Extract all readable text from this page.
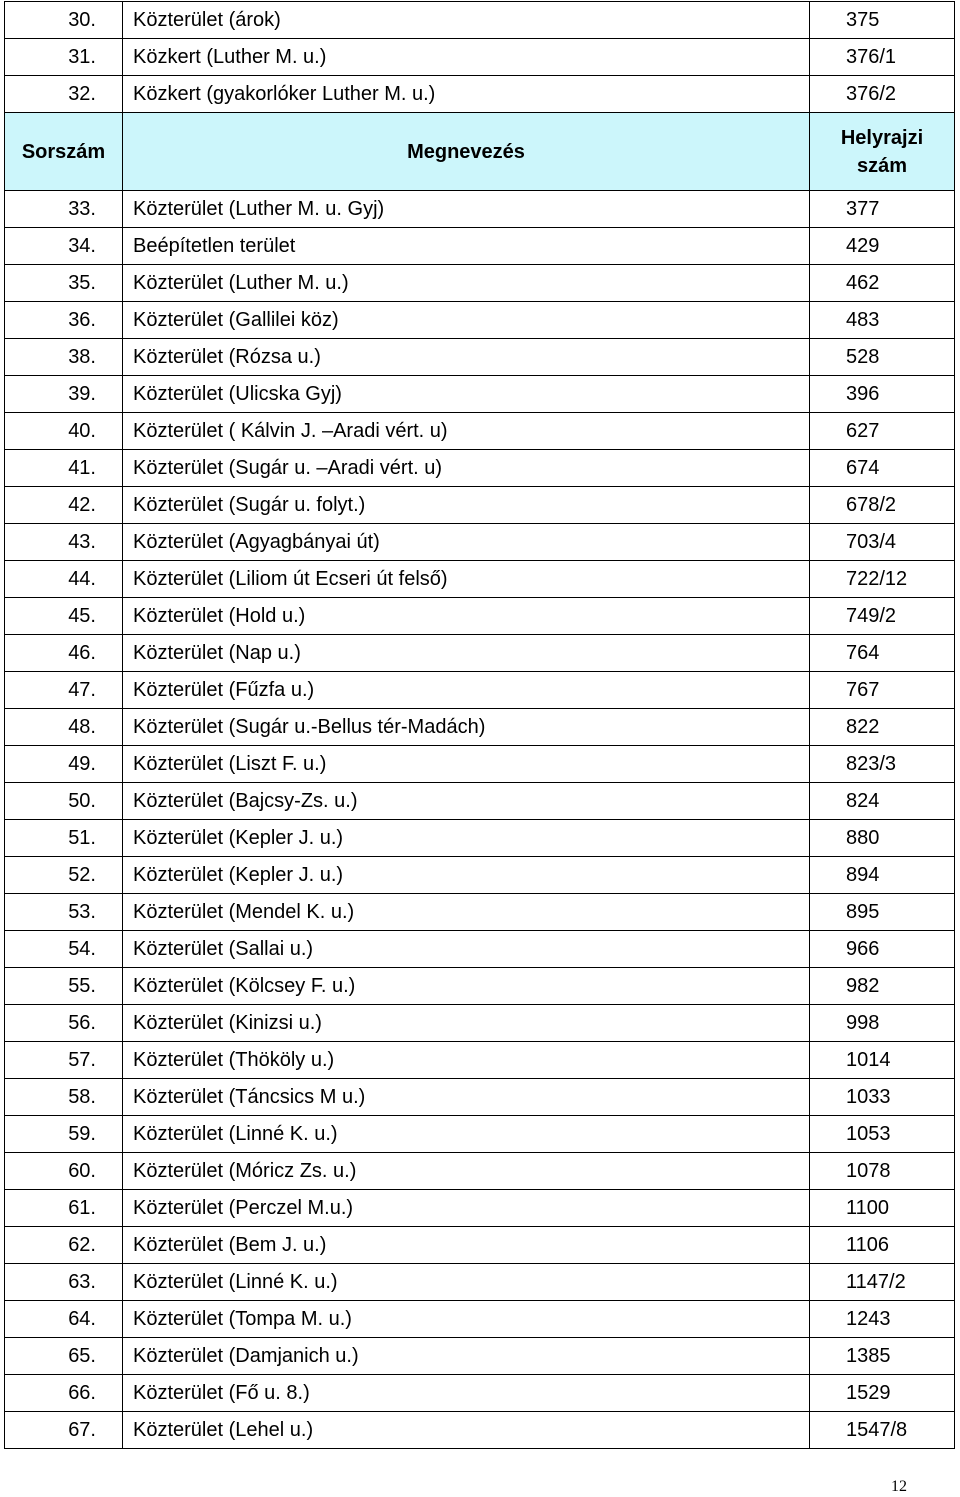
30.	Közterület (árok)	375
31.	Közkert (Luther M. u.)	376/1
32.	Közkert (gyakorlóker Luther M. u.)	376/2
Sorszám	Megnevezés	Helyrajzi
szám
33.	Közterület (Luther M. u. Gyj)	377
34.	Beépítetlen terület	429
35.	Közterület (Luther M. u.)	462
36.	Közterület (Gallilei köz)	483
38.	Közterület (Rózsa u.)	528
39.	Közterület (Ulicska Gyj)	396
40.	Közterület ( Kálvin J. –Aradi vért. u)	627
41.	Közterület (Sugár u. –Aradi vért. u)	674
42.	Közterület (Sugár u. folyt.)	678/2
43.	Közterület (Agyagbányai út)	703/4
44.	Közterület (Liliom út Ecseri út felső)	722/12
45.	Közterület (Hold u.)	749/2
46.	Közterület (Nap u.)	764
47.	Közterület (Fűzfa u.)	767
48.	Közterület (Sugár u.-Bellus tér-Madách)	822
49.	Közterület (Liszt F. u.)	823/3
50.	Közterület (Bajcsy-Zs. u.)	824
51.	Közterület (Kepler J. u.)	880
52.	Közterület (Kepler J. u.)	894
53.	Közterület (Mendel K. u.)	895
54.	Közterület (Sallai u.)	966
55.	Közterület (Kölcsey F. u.)	982
56.	Közterület (Kinizsi u.)	998
57.	Közterület (Thököly u.)	1014
58.	Közterület (Táncsics M u.)	1033
59.	Közterület (Linné K. u.)	1053
60.	Közterület (Móricz Zs. u.)	1078
61.	Közterület (Perczel M.u.)	1100
62.	Közterület (Bem J. u.)	1106
63.	Közterület (Linné K. u.)	1147/2
64.	Közterület (Tompa M. u.)	1243
65.	Közterület (Damjanich u.)	1385
66.	Közterület (Fő u. 8.)	1529
67.	Közterület (Lehel u.)	1547/8
12
